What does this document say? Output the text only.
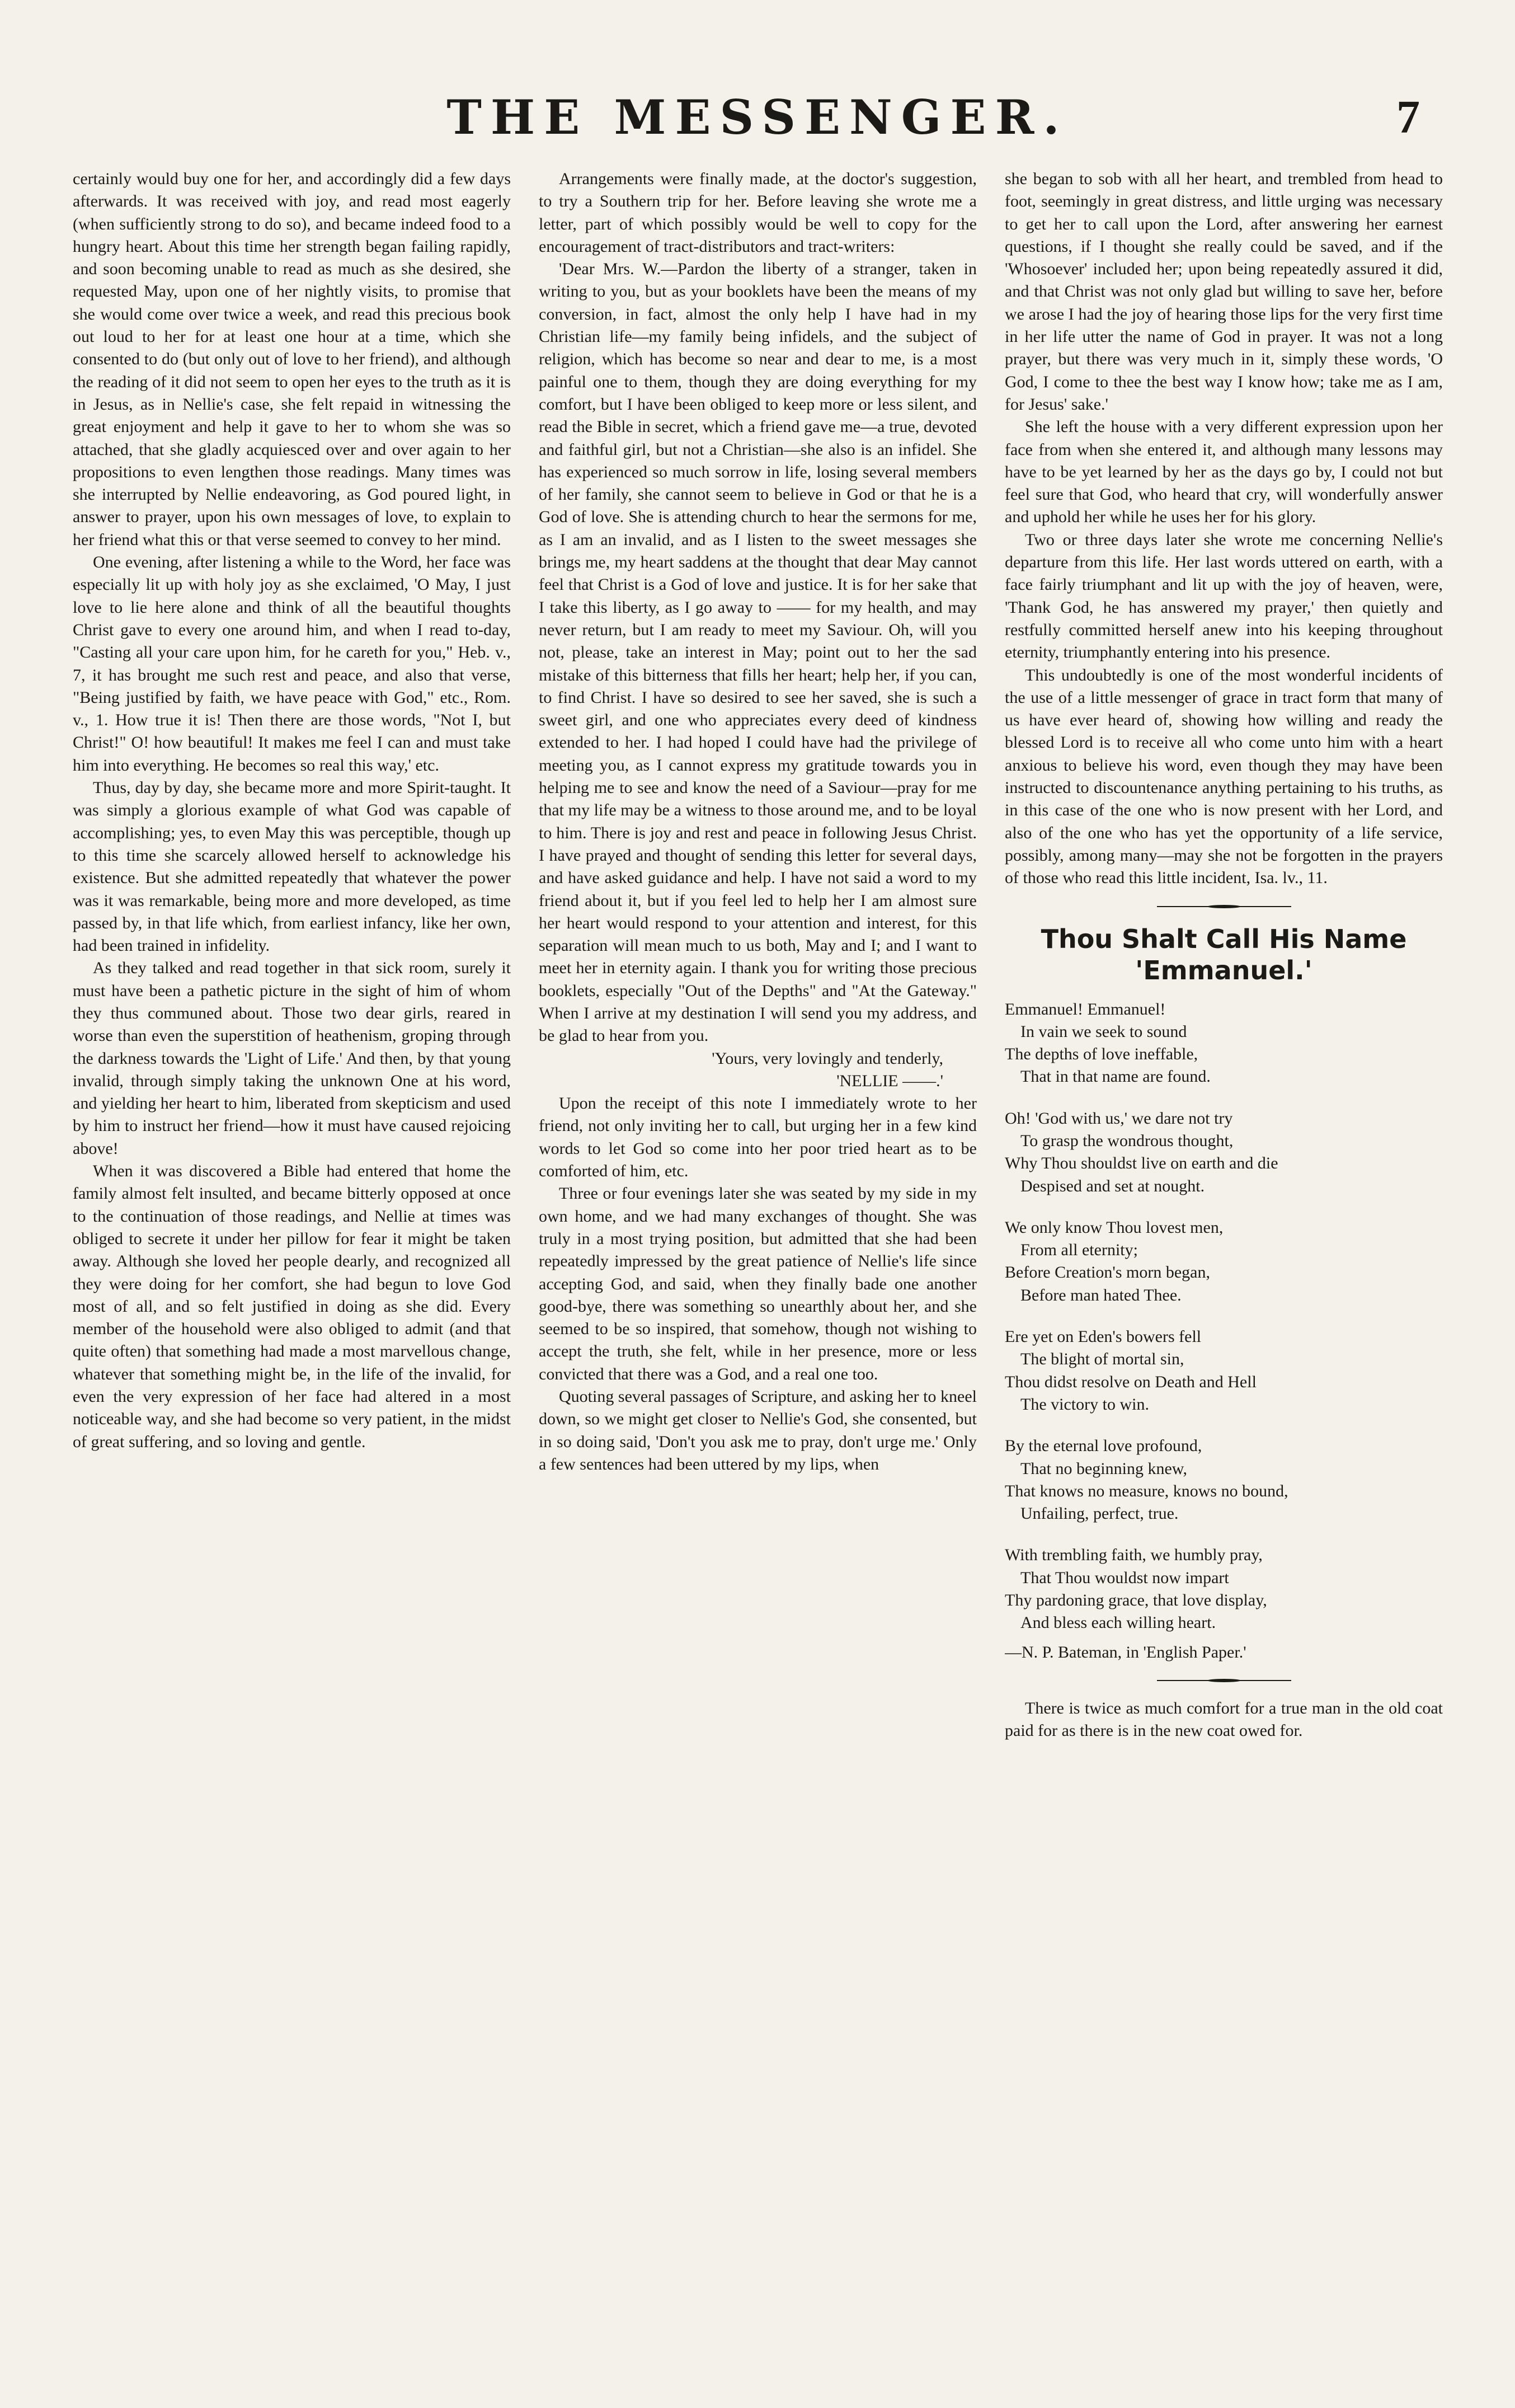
THE MESSENGER.	7

certainly would buy one for her, and accordingly did a few days afterwards. It was received with joy, and read most eagerly (when sufficiently strong to do so), and became indeed food to a hungry heart. About this time her strength began failing rapidly, and soon becoming unable to read as much as she desired, she requested May, upon one of her nightly visits, to promise that she would come over twice a week, and read this precious book out loud to her for at least one hour at a time, which she consented to do (but only out of love to her friend), and although the reading of it did not seem to open her eyes to the truth as it is in Jesus, as in Nellie's case, she felt repaid in witnessing the great enjoyment and help it gave to her to whom she was so attached, that she gladly acquiesced over and over again to her propositions to even lengthen those readings. Many times was she interrupted by Nellie endeavoring, as God poured light, in answer to prayer, upon his own messages of love, to explain to her friend what this or that verse seemed to convey to her mind.

One evening, after listening a while to the Word, her face was especially lit up with holy joy as she exclaimed, 'O May, I just love to lie here alone and think of all the beautiful thoughts Christ gave to every one around him, and when I read to-day, "Casting all your care upon him, for he careth for you," Heb. v., 7, it has brought me such rest and peace, and also that verse, "Being justified by faith, we have peace with God," etc., Rom. v., 1. How true it is! Then there are those words, "Not I, but Christ!" O! how beautiful! It makes me feel I can and must take him into everything. He becomes so real this way,' etc.

Thus, day by day, she became more and more Spirit-taught. It was simply a glorious example of what God was capable of accomplishing; yes, to even May this was perceptible, though up to this time she scarcely allowed herself to acknowledge his existence. But she admitted repeatedly that whatever the power was it was remarkable, being more and more developed, as time passed by, in that life which, from earliest infancy, like her own, had been trained in infidelity.

As they talked and read together in that sick room, surely it must have been a pathetic picture in the sight of him of whom they thus communed about. Those two dear girls, reared in worse than even the superstition of heathenism, groping through the darkness towards the 'Light of Life.' And then, by that young invalid, through simply taking the unknown One at his word, and yielding her heart to him, liberated from skepticism and used by him to instruct her friend—how it must have caused rejoicing above!

When it was discovered a Bible had entered that home the family almost felt insulted, and became bitterly opposed at once to the continuation of those readings, and Nellie at times was obliged to secrete it under her pillow for fear it might be taken away. Although she loved her people dearly, and recognized all they were doing for her comfort, she had begun to love God most of all, and so felt justified in doing as she did. Every member of the household were also obliged to admit (and that quite often) that something had made a most marvellous change, whatever that something might be, in the life of the invalid, for even the very expression of her face had altered in a most noticeable way, and she had become so very patient, in the midst of great suffering, and so loving and gentle.

Arrangements were finally made, at the doctor's suggestion, to try a Southern trip for her. Before leaving she wrote me a letter, part of which possibly would be well to copy for the encouragement of tract-distributors and tract-writers:

'Dear Mrs. W.—Pardon the liberty of a stranger, taken in writing to you, but as your booklets have been the means of my conversion, in fact, almost the only help I have had in my Christian life—my family being infidels, and the subject of religion, which has become so near and dear to me, is a most painful one to them, though they are doing everything for my comfort, but I have been obliged to keep more or less silent, and read the Bible in secret, which a friend gave me—a true, devoted and faithful girl, but not a Christian—she also is an infidel. She has experienced so much sorrow in life, losing several members of her family, she cannot seem to believe in God or that he is a God of love. She is attending church to hear the sermons for me, as I am an invalid, and as I listen to the sweet messages she brings me, my heart saddens at the thought that dear May cannot feel that Christ is a God of love and justice. It is for her sake that I take this liberty, as I go away to —— for my health, and may never return, but I am ready to meet my Saviour. Oh, will you not, please, take an interest in May; point out to her the sad mistake of this bitterness that fills her heart; help her, if you can, to find Christ. I have so desired to see her saved, she is such a sweet girl, and one who appreciates every deed of kindness extended to her. I had hoped I could have had the privilege of meeting you, as I cannot express my gratitude towards you in helping me to see and know the need of a Saviour—pray for me that my life may be a witness to those around me, and to be loyal to him. There is joy and rest and peace in following Jesus Christ. I have prayed and thought of sending this letter for several days, and have asked guidance and help. I have not said a word to my friend about it, but if you feel led to help her I am almost sure her heart would respond to your attention and interest, for this separation will mean much to us both, May and I; and I want to meet her in eternity again. I thank you for writing those precious booklets, especially "Out of the Depths" and "At the Gateway." When I arrive at my destination I will send you my address, and be glad to hear from you.

'Yours, very lovingly and tenderly,

'NELLIE ——.'

Upon the receipt of this note I immediately wrote to her friend, not only inviting her to call, but urging her in a few kind words to let God so come into her poor tried heart as to be comforted of him, etc.

Three or four evenings later she was seated by my side in my own home, and we had many exchanges of thought. She was truly in a most trying position, but admitted that she had been repeatedly impressed by the great patience of Nellie's life since accepting God, and said, when they finally bade one another good-bye, there was something so unearthly about her, and she seemed to be so inspired, that somehow, though not wishing to accept the truth, she felt, while in her presence, more or less convicted that there was a God, and a real one too.

Quoting several passages of Scripture, and asking her to kneel down, so we might get closer to Nellie's God, she consented, but in so doing said, 'Don't you ask me to pray, don't urge me.' Only a few sentences had been uttered by my lips, when

she began to sob with all her heart, and trembled from head to foot, seemingly in great distress, and little urging was necessary to get her to call upon the Lord, after answering her earnest questions, if I thought she really could be saved, and if the 'Whosoever' included her; upon being repeatedly assured it did, and that Christ was not only glad but willing to save her, before we arose I had the joy of hearing those lips for the very first time in her life utter the name of God in prayer. It was not a long prayer, but there was very much in it, simply these words, 'O God, I come to thee the best way I know how; take me as I am, for Jesus' sake.'

She left the house with a very different expression upon her face from when she entered it, and although many lessons may have to be yet learned by her as the days go by, I could not but feel sure that God, who heard that cry, will wonderfully answer and uphold her while he uses her for his glory.

Two or three days later she wrote me concerning Nellie's departure from this life. Her last words uttered on earth, with a face fairly triumphant and lit up with the joy of heaven, were, 'Thank God, he has answered my prayer,' then quietly and restfully committed herself anew into his keeping throughout eternity, triumphantly entering into his presence.

This undoubtedly is one of the most wonderful incidents of the use of a little messenger of grace in tract form that many of us have ever heard of, showing how willing and ready the blessed Lord is to receive all who come unto him with a heart anxious to believe his word, even though they may have been instructed to discountenance anything pertaining to his truths, as in this case of the one who is now present with her Lord, and also of the one who has yet the opportunity of a life service, possibly, among many—may she not be forgotten in the prayers of those who read this little incident, Isa. lv., 11.

Thou Shalt Call His Name 'Emmanuel.'
Emmanuel! Emmanuel!
In vain we seek to sound
The depths of love ineffable,
That in that name are found.
Oh! 'God with us,' we dare not try
To grasp the wondrous thought,
Why Thou shouldst live on earth and die
Despised and set at nought.
We only know Thou lovest men,
From all eternity;
Before Creation's morn began,
Before man hated Thee.
Ere yet on Eden's bowers fell
The blight of mortal sin,
Thou didst resolve on Death and Hell
The victory to win.
By the eternal love profound,
That no beginning knew,
That knows no measure, knows no bound,
Unfailing, perfect, true.
With trembling faith, we humbly pray,
That Thou wouldst now impart
Thy pardoning grace, that love display,
And bless each willing heart.
—N. P. Bateman, in 'English Paper.'

There is twice as much comfort for a true man in the old coat paid for as there is in the new coat owed for.
